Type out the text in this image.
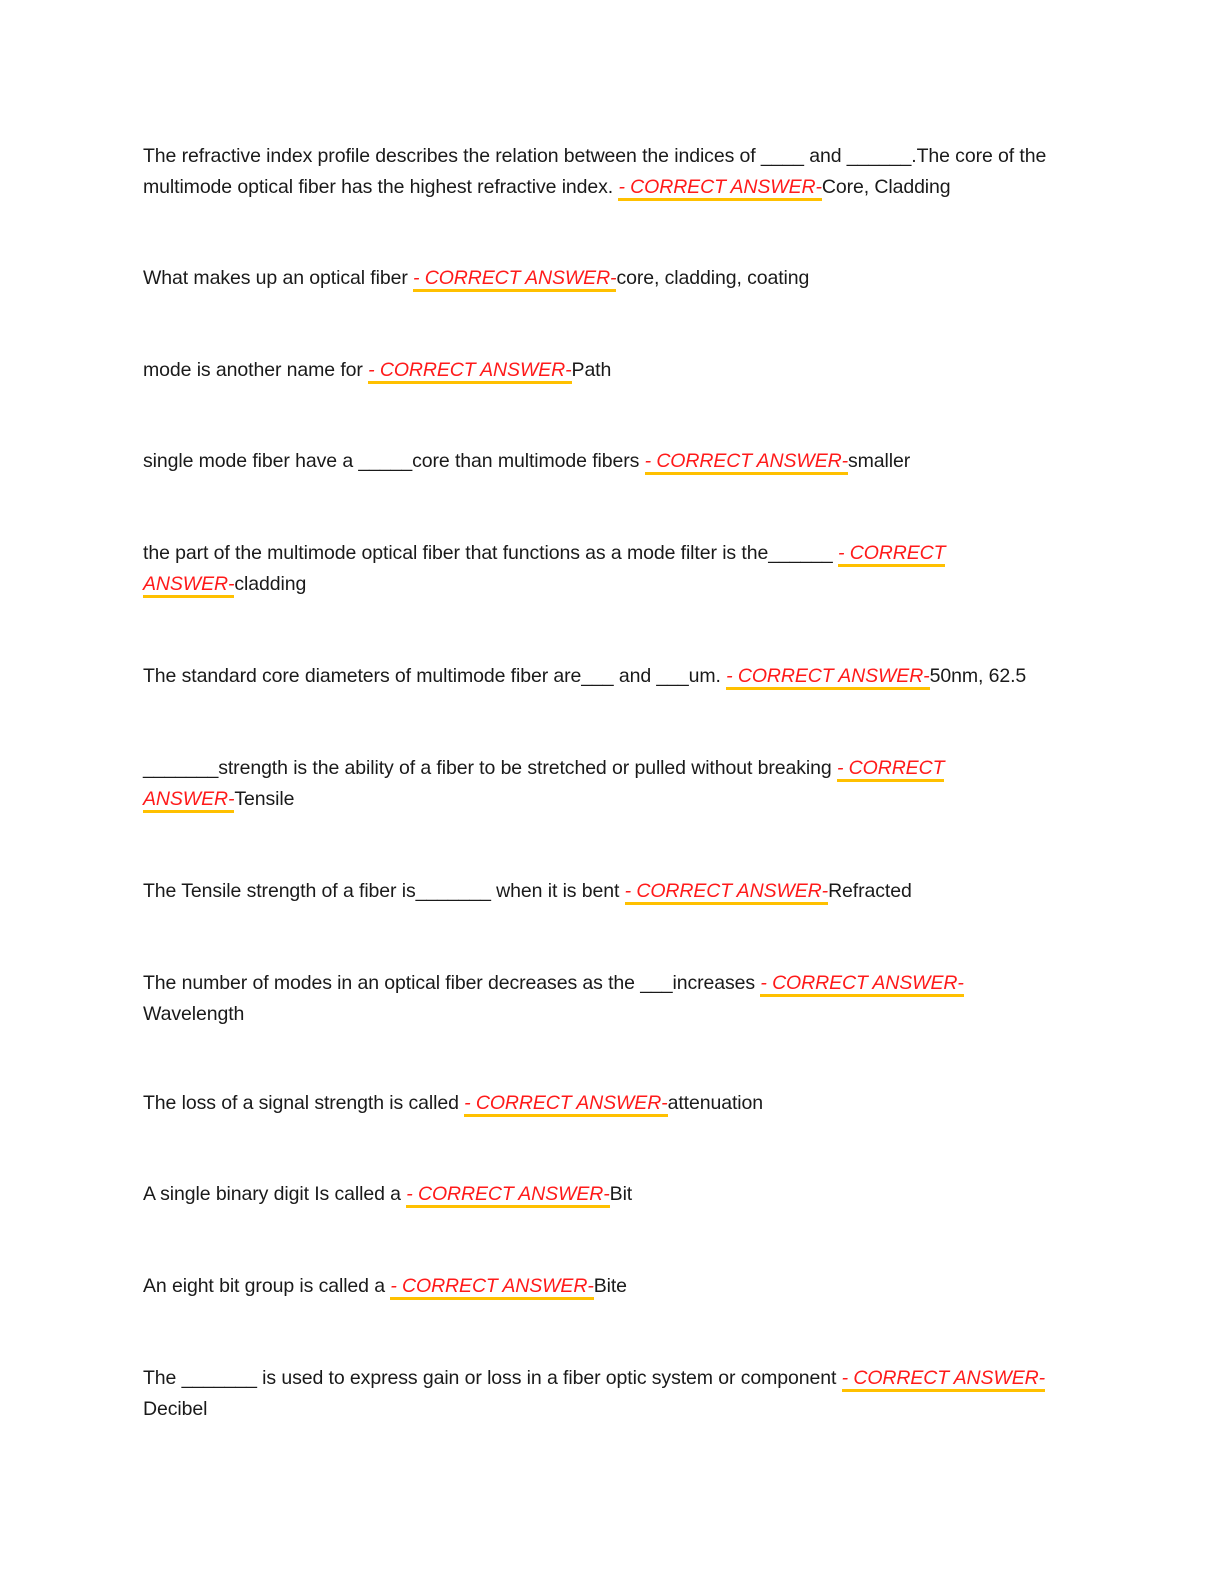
The refractive index profile describes the relation between the indices of ____ and ______.The core of the multimode optical fiber has the highest refractive index. - CORRECT ANSWER-Core, Cladding

What makes up an optical fiber - CORRECT ANSWER-core, cladding, coating

mode is another name for - CORRECT ANSWER-Path

single mode fiber have a _____core than multimode fibers - CORRECT ANSWER-smaller

the part of the multimode optical fiber that functions as a mode filter is the______ - CORRECT ANSWER-cladding

The standard core diameters of multimode fiber are___ and ___um. - CORRECT ANSWER-50nm, 62.5

_______strength is the ability of a fiber to be stretched or pulled without breaking - CORRECT ANSWER-Tensile

The Tensile strength of a fiber is_______ when it is bent - CORRECT ANSWER-Refracted

The number of modes in an optical fiber decreases as the ___increases - CORRECT ANSWER-Wavelength

The loss of a signal strength is called - CORRECT ANSWER-attenuation

A single binary digit Is called a - CORRECT ANSWER-Bit

An eight bit group is called a - CORRECT ANSWER-Bite

The _______ is used to express gain or loss in a fiber optic system or component - CORRECT ANSWER-Decibel
